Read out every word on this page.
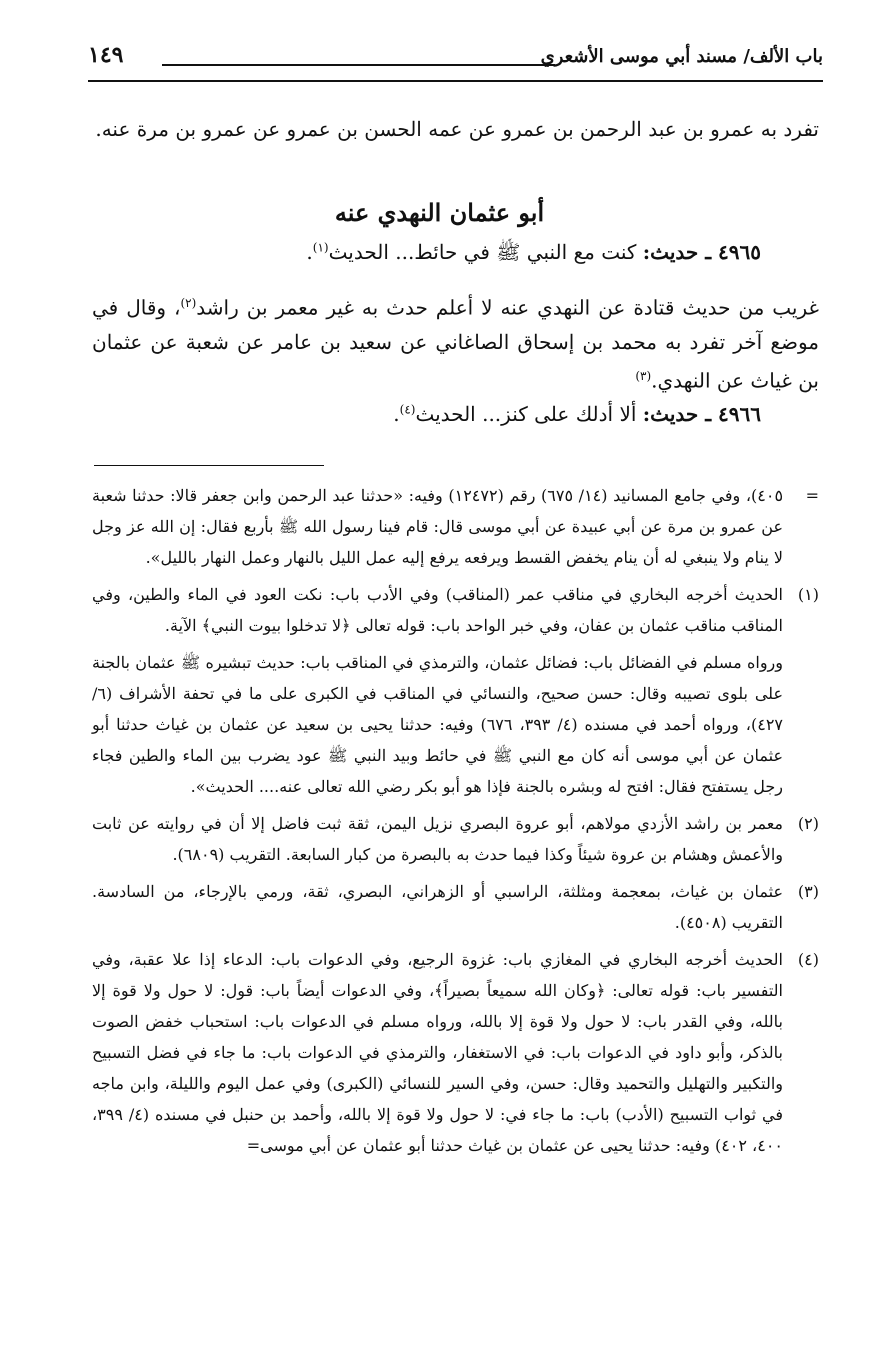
باب الألف/ مسند أبي موسى الأشعري
١٤٩
تفرد به عمرو بن عبد الرحمن بن عمرو عن عمه الحسن بن عمرو عن عمرو بن مرة عنه.
أبو عثمان النهدي عنه
٤٩٦٥ ـ حديث: كنت مع النبي ﷺ في حائط... الحديث$^{(١)}$.
غريب من حديث قتادة عن النهدي عنه لا أعلم حدث به غير معمر بن راشد$^{(٢)}$، وقال في موضع آخر تفرد به محمد بن إسحاق الصاغاني عن سعيد بن عامر عن شعبة عن عثمان بن غياث عن النهدي.$^{(٣)}$
٤٩٦٦ ـ حديث: ألا أدلك على كنز... الحديث$^{(٤)}$.
=
٤٠٥)، وفي جامع المسانيد (١٤/ ٦٧٥) رقم (١٢٤٧٢) وفيه: «حدثنا عبد الرحمن وابن جعفر قالا: حدثنا شعبة عن عمرو بن مرة عن أبي عبيدة عن أبي موسى قال: قام فينا رسول الله ﷺ بأربع فقال: إن الله عز وجل لا ينام ولا ينبغي له أن ينام يخفض القسط ويرفعه يرفع إليه عمل الليل بالنهار وعمل النهار بالليل».
(١)
الحديث أخرجه البخاري في مناقب عمر (المناقب) وفي الأدب باب: نكت العود في الماء والطين، وفي المناقب مناقب عثمان بن عفان، وفي خبر الواحد باب: قوله تعالى ﴿لا تدخلوا بيوت النبي﴾ الآية.
ورواه مسلم في الفضائل باب: فضائل عثمان، والترمذي في المناقب باب: حديث تبشيره ﷺ عثمان بالجنة على بلوى تصيبه وقال: حسن صحيح، والنسائي في المناقب في الكبرى على ما في تحفة الأشراف (٦/ ٤٢٧)، ورواه أحمد في مسنده (٤/ ٣٩٣، ٦٧٦) وفيه: حدثنا يحيى بن سعيد عن عثمان بن غياث حدثنا أبو عثمان عن أبي موسى أنه كان مع النبي ﷺ في حائط وبيد النبي ﷺ عود يضرب بين الماء والطين فجاء رجل يستفتح فقال: افتح له وبشره بالجنة فإذا هو أبو بكر رضي الله تعالى عنه.... الحديث».
(٢)
معمر بن راشد الأزدي مولاهم، أبو عروة البصري نزيل اليمن، ثقة ثبت فاضل إلا أن في روايته عن ثابت والأعمش وهشام بن عروة شيئاً وكذا فيما حدث به بالبصرة من كبار السابعة. التقريب (٦٨٠٩).
(٣)
عثمان بن غياث، بمعجمة ومثلثة، الراسبي أو الزهراني، البصري، ثقة، ورمي بالإرجاء، من السادسة. التقريب (٤٥٠٨).
(٤)
الحديث أخرجه البخاري في المغازي باب: غزوة الرجيع، وفي الدعوات باب: الدعاء إذا علا عقبة، وفي التفسير باب: قوله تعالى: ﴿وكان الله سميعاً بصيراً﴾، وفي الدعوات أيضاً باب: قول: لا حول ولا قوة إلا بالله، وفي القدر باب: لا حول ولا قوة إلا بالله، ورواه مسلم في الدعوات باب: استحباب خفض الصوت بالذكر، وأبو داود في الدعوات باب: في الاستغفار، والترمذي في الدعوات باب: ما جاء في فضل التسبيح والتكبير والتهليل والتحميد وقال: حسن، وفي السير للنسائي (الكبرى) وفي عمل اليوم والليلة، وابن ماجه في ثواب التسبيح (الأدب) باب: ما جاء في: لا حول ولا قوة إلا بالله، وأحمد بن حنبل في مسنده (٤/ ٣٩٩، ٤٠٠، ٤٠٢) وفيه: حدثنا يحيى عن عثمان بن غياث حدثنا أبو عثمان عن أبي موسى=
